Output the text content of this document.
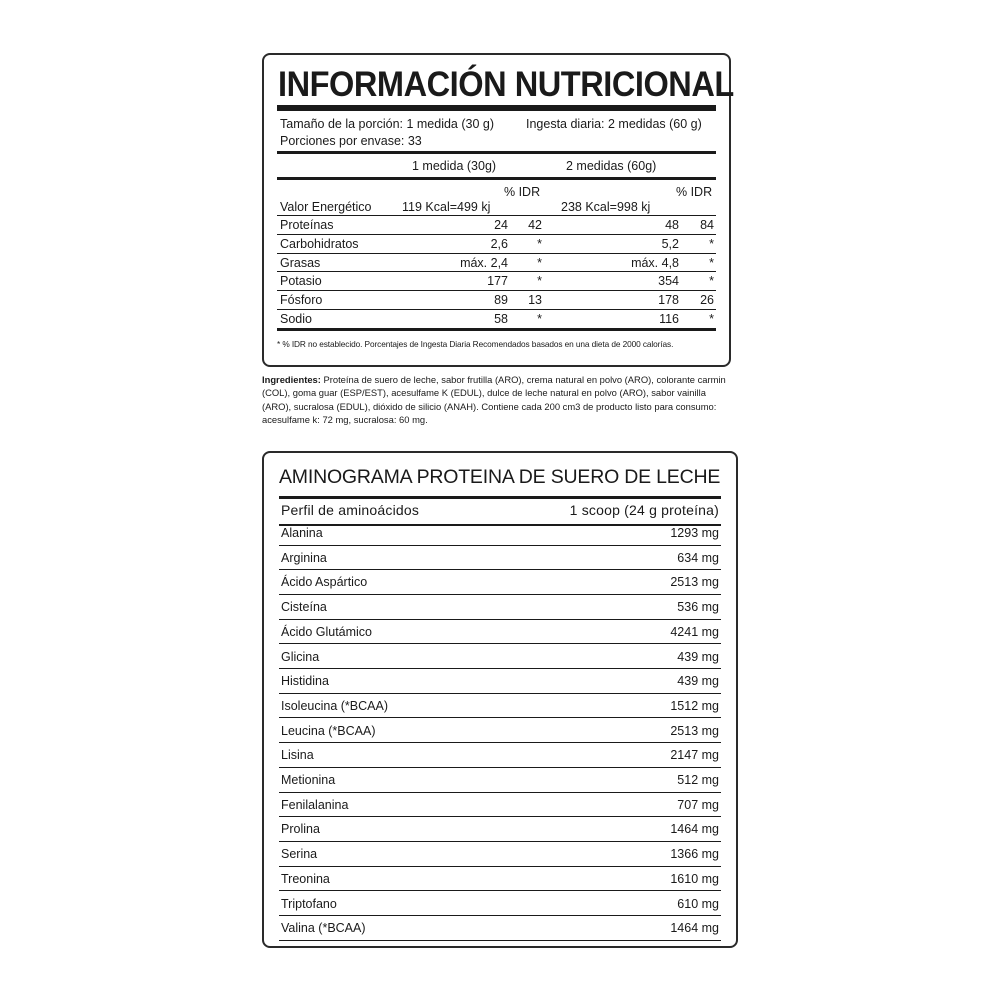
INFORMACIÓN NUTRICIONAL
Tamaño de la porción: 1 medida (30 g)	Ingesta diaria: 2 medidas (60 g)
Porciones por envase: 33
1 medida (30g)	2 medidas (60g)
% IDR	% IDR
Valor Energético 119 Kcal=499 kj	238 Kcal=998 kj
Proteínas	24 42	48 84
Carbohidratos	2,6 *	5,2 *
Grasas	máx. 2,4 *	máx. 4,8 *
Potasio	177 *	354 *
Fósforo	89 13	178 26
Sodio	58 *	116 *
* % IDR no establecido. Porcentajes de Ingesta Diaria Recomendados basados en una dieta de 2000 calorías.
Ingredientes: Proteína de suero de leche, sabor frutilla (ARO), crema natural en polvo (ARO), colorante carmin (COL), goma guar (ESP/EST), acesulfame K (EDUL), dulce de leche natural en polvo (ARO), sabor vainilla (ARO), sucralosa (EDUL), dióxido de silicio (ANAH). Contiene cada 200 cm3 de producto listo para consumo: acesulfame k: 72 mg, sucralosa: 60 mg.
AMINOGRAMA PROTEINA DE SUERO DE LECHE
Perfil de aminoácidos	1 scoop (24 g proteína)
Alanina	1293 mg
Arginina	634 mg
Ácido Aspártico	2513 mg
Cisteína	536 mg
Ácido Glutámico	4241 mg
Glicina	439 mg
Histidina	439 mg
Isoleucina (*BCAA)	1512 mg
Leucina (*BCAA)	2513 mg
Lisina	2147 mg
Metionina	512 mg
Fenilalanina	707 mg
Prolina	1464 mg
Serina	1366 mg
Treonina	1610 mg
Triptofano	610 mg
Valina (*BCAA)	1464 mg
